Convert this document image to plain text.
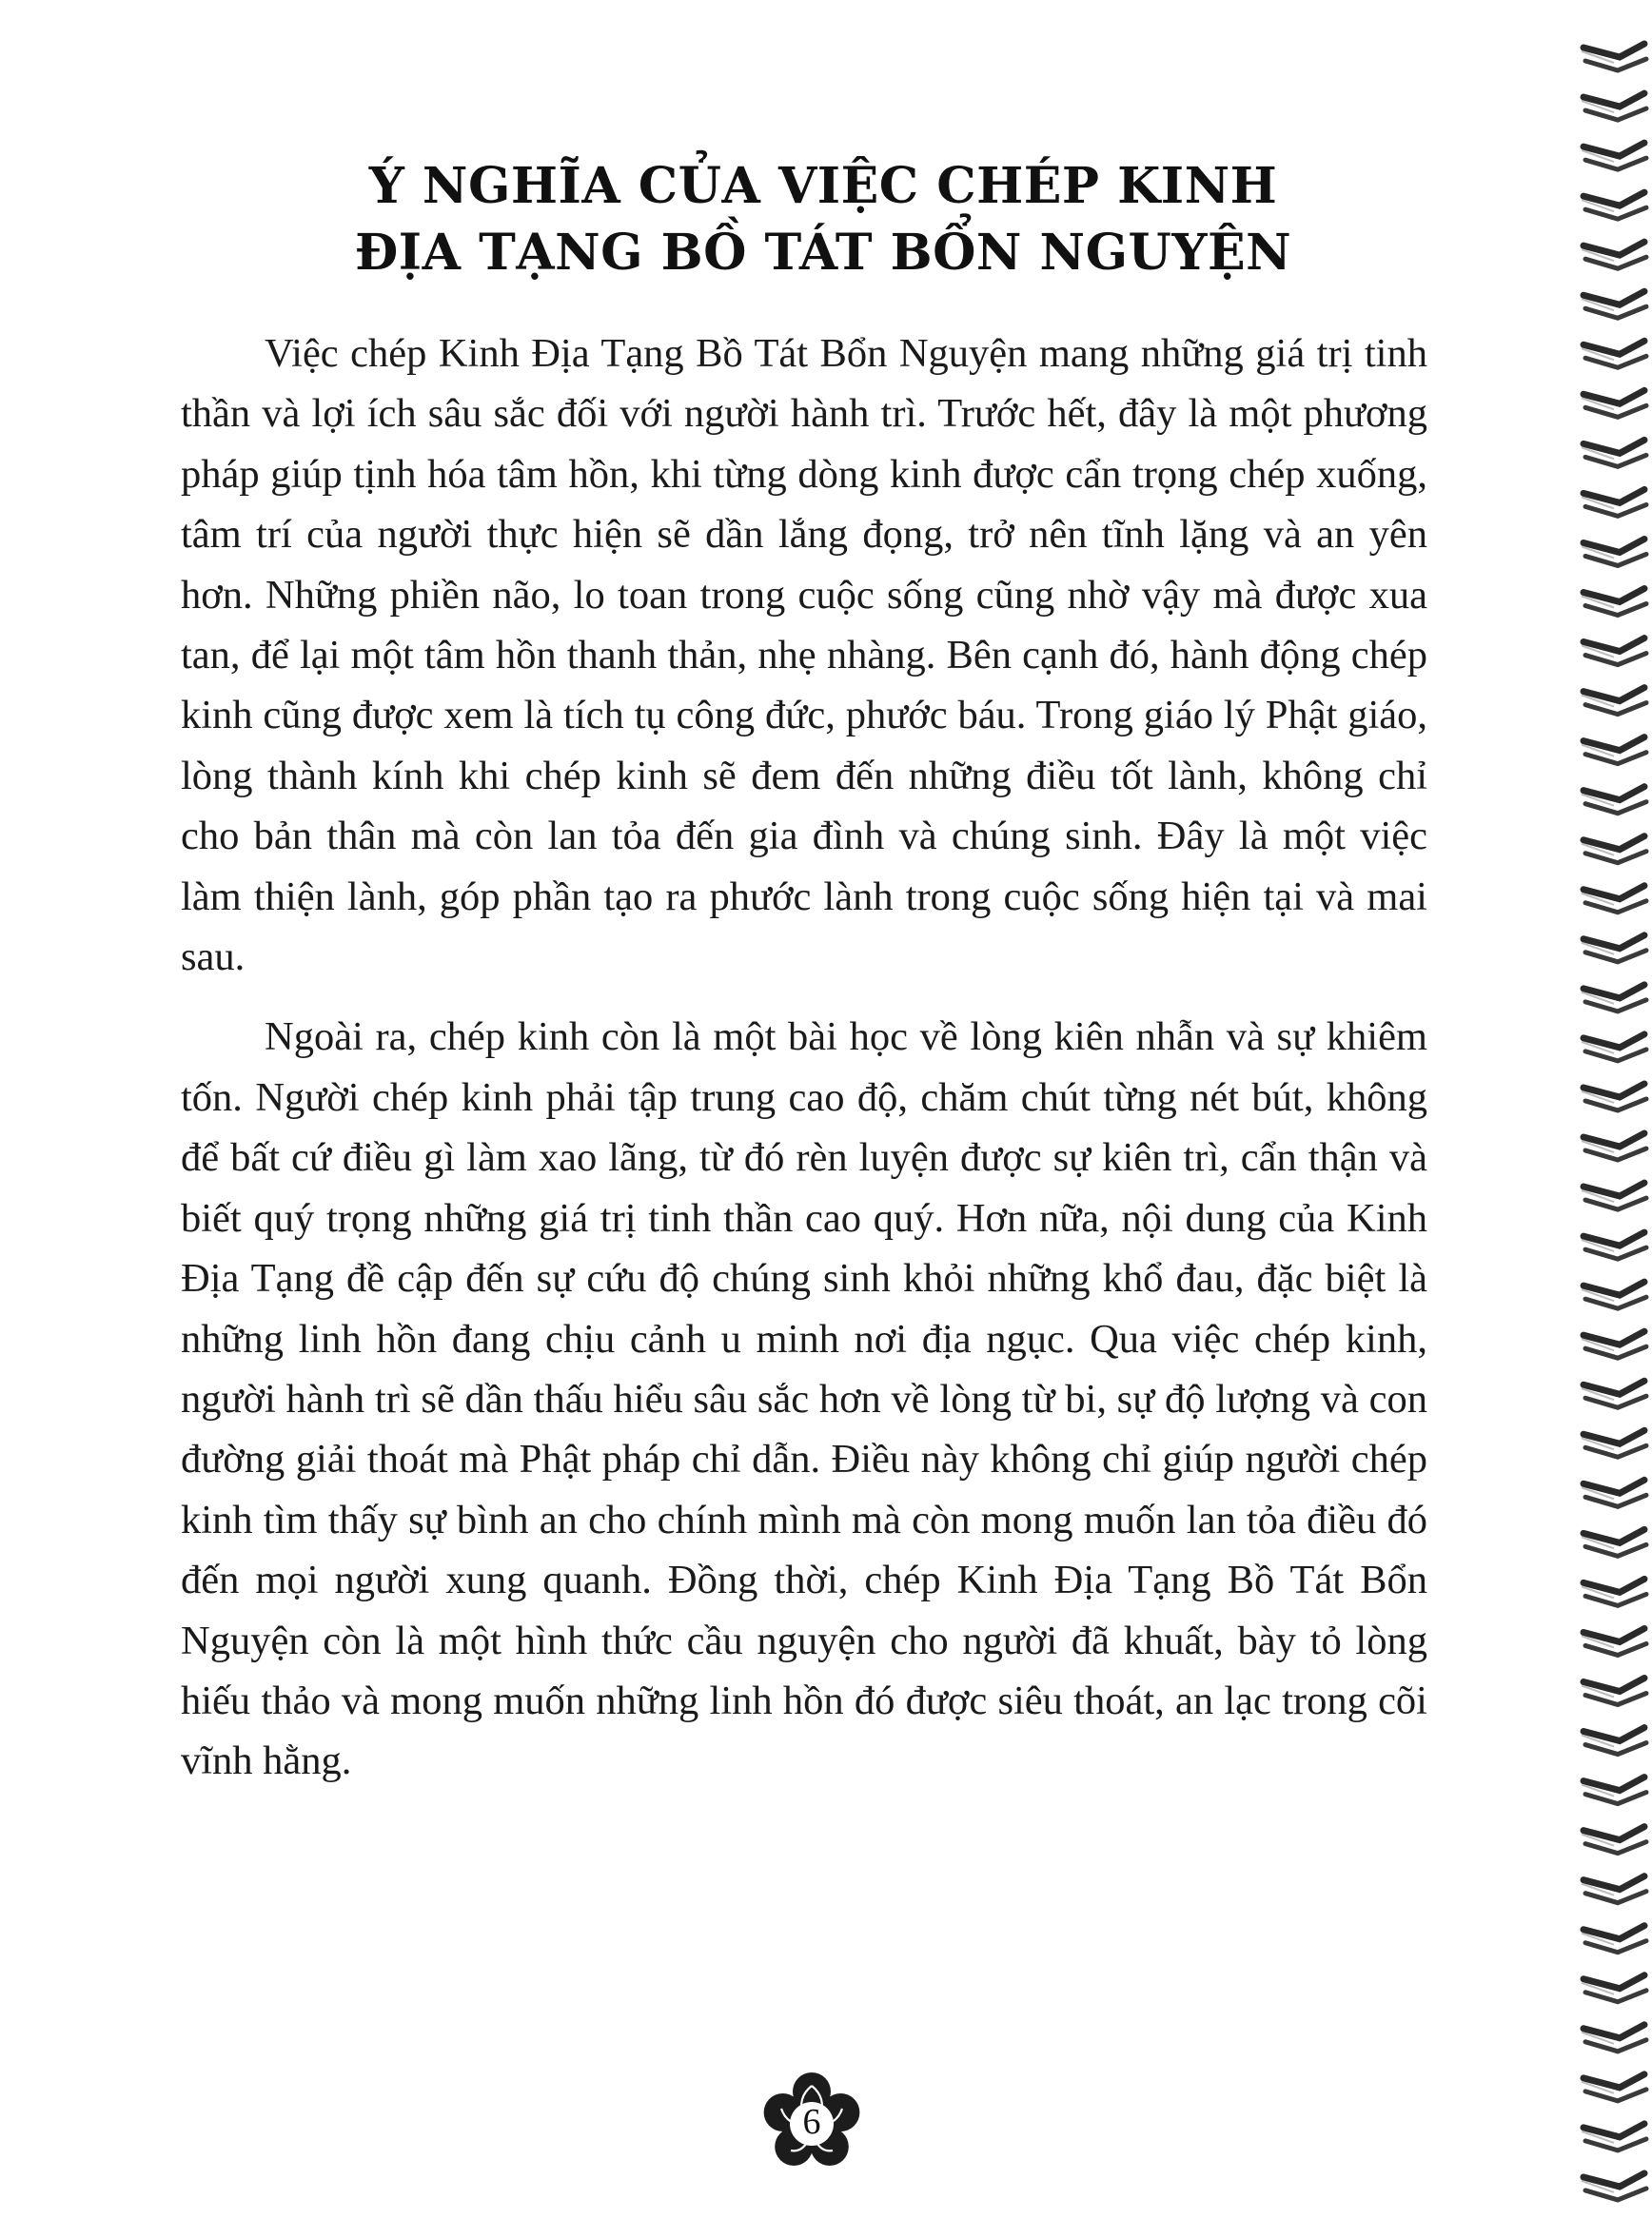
Ý NGHĨA CỦA VIỆC CHÉP KINH
ĐỊA TẠNG BỒ TÁT BỔN NGUYỆN

Việc chép Kinh Địa Tạng Bồ Tát Bổn Nguyện mang những giá trị tinh thần và lợi ích sâu sắc đối với người hành trì. Trước hết, đây là một phương pháp giúp tịnh hóa tâm hồn, khi từng dòng kinh được cẩn trọng chép xuống, tâm trí của người thực hiện sẽ dần lắng đọng, trở nên tĩnh lặng và an yên hơn. Những phiền não, lo toan trong cuộc sống cũng nhờ vậy mà được xua tan, để lại một tâm hồn thanh thản, nhẹ nhàng. Bên cạnh đó, hành động chép kinh cũng được xem là tích tụ công đức, phước báu. Trong giáo lý Phật giáo, lòng thành kính khi chép kinh sẽ đem đến những điều tốt lành, không chỉ cho bản thân mà còn lan tỏa đến gia đình và chúng sinh. Đây là một việc làm thiện lành, góp phần tạo ra phước lành trong cuộc sống hiện tại và mai sau.

Ngoài ra, chép kinh còn là một bài học về lòng kiên nhẫn và sự khiêm tốn. Người chép kinh phải tập trung cao độ, chăm chút từng nét bút, không để bất cứ điều gì làm xao lãng, từ đó rèn luyện được sự kiên trì, cẩn thận và biết quý trọng những giá trị tinh thần cao quý. Hơn nữa, nội dung của Kinh Địa Tạng đề cập đến sự cứu độ chúng sinh khỏi những khổ đau, đặc biệt là những linh hồn đang chịu cảnh u minh nơi địa ngục. Qua việc chép kinh, người hành trì sẽ dần thấu hiểu sâu sắc hơn về lòng từ bi, sự độ lượng và con đường giải thoát mà Phật pháp chỉ dẫn. Điều này không chỉ giúp người chép kinh tìm thấy sự bình an cho chính mình mà còn mong muốn lan tỏa điều đó đến mọi người xung quanh. Đồng thời, chép Kinh Địa Tạng Bồ Tát Bổn Nguyện còn là một hình thức cầu nguyện cho người đã khuất, bày tỏ lòng hiếu thảo và mong muốn những linh hồn đó được siêu thoát, an lạc trong cõi vĩnh hằng.

6
